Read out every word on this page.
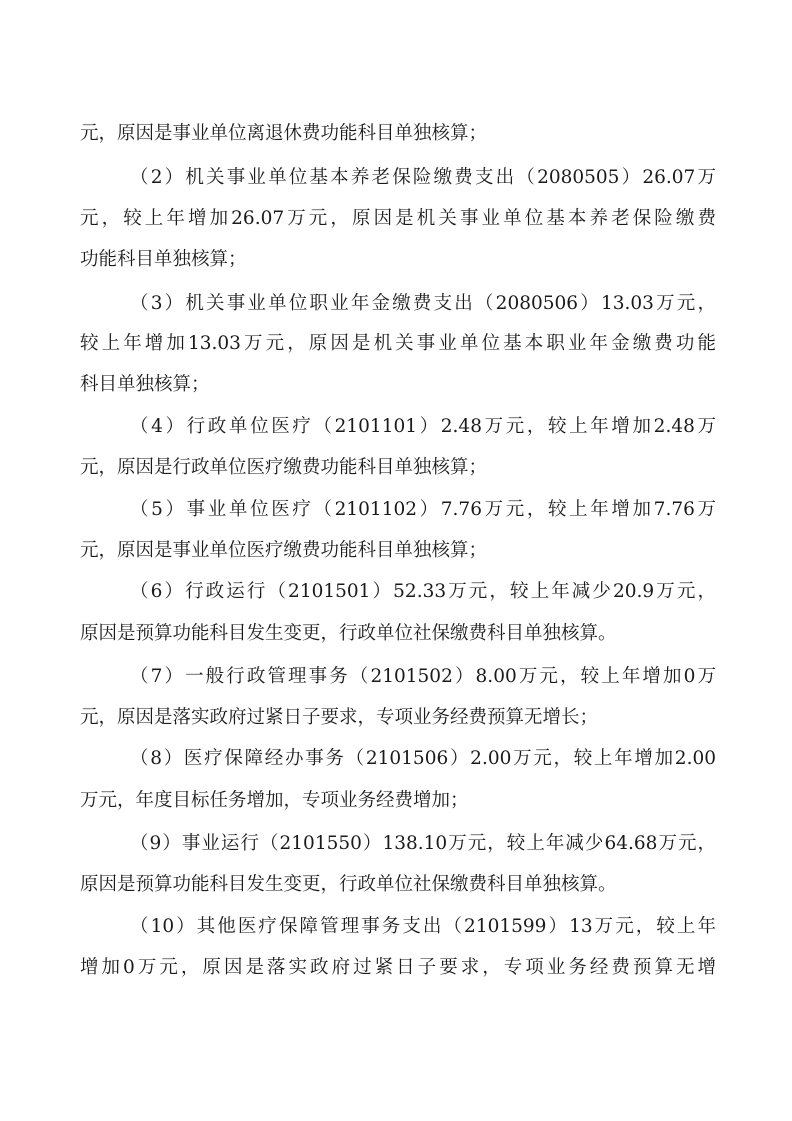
元，原因是事业单位离退休费功能科目单独核算；
（2）机关事业单位基本养老保险缴费支出（2080505）26.07万
元，较上年增加26.07万元，原因是机关事业单位基本养老保险缴费
功能科目单独核算；
（3）机关事业单位职业年金缴费支出（2080506）13.03万元，
较上年增加13.03万元，原因是机关事业单位基本职业年金缴费功能
科目单独核算；
（4）行政单位医疗（2101101）2.48万元，较上年增加2.48万
元，原因是行政单位医疗缴费功能科目单独核算；
（5）事业单位医疗（2101102）7.76万元，较上年增加7.76万
元，原因是事业单位医疗缴费功能科目单独核算；
（6）行政运行（2101501）52.33万元，较上年减少20.9万元，
原因是预算功能科目发生变更，行政单位社保缴费科目单独核算。
（7）一般行政管理事务（2101502）8.00万元，较上年增加0万
元，原因是落实政府过紧日子要求，专项业务经费预算无增长；
（8）医疗保障经办事务（2101506）2.00万元，较上年增加2.00
万元，年度目标任务增加，专项业务经费增加；
（9）事业运行（2101550）138.10万元，较上年减少64.68万元，
原因是预算功能科目发生变更，行政单位社保缴费科目单独核算。
（10）其他医疗保障管理事务支出（2101599）13万元，较上年
增加0万元，原因是落实政府过紧日子要求，专项业务经费预算无增
